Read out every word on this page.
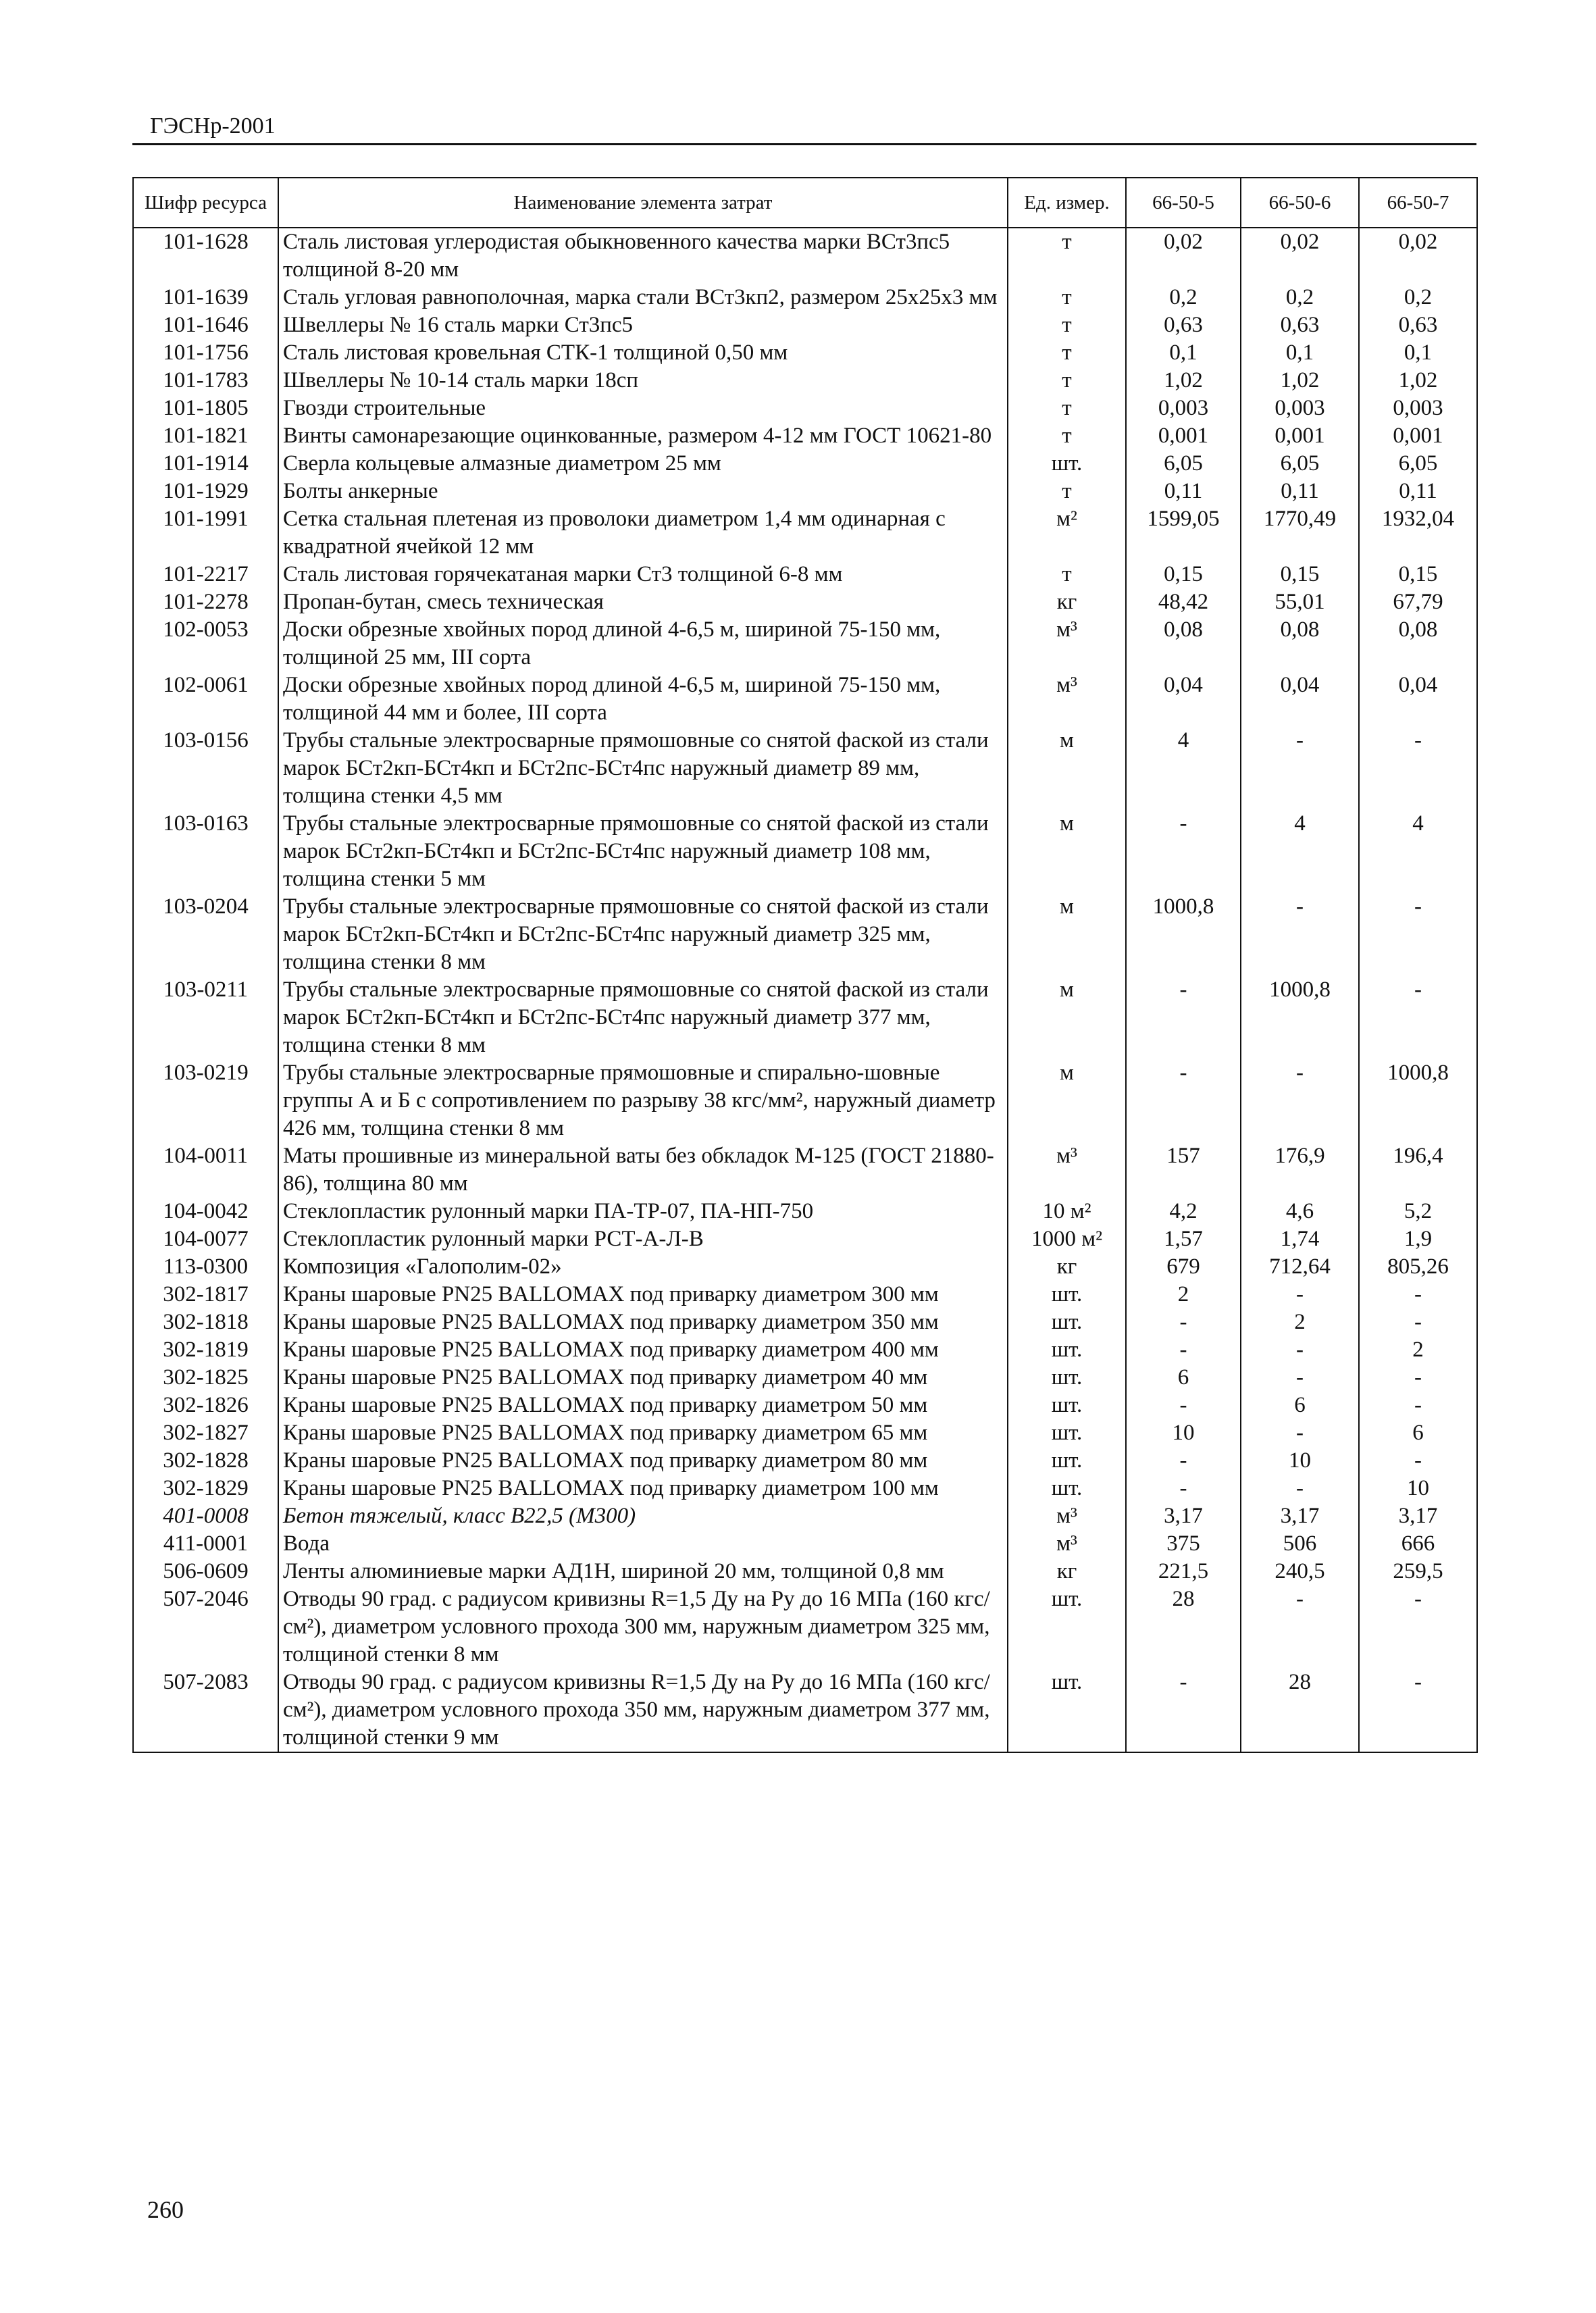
ГЭСНр-2001
Шифр ресурса	Наименование элемента затрат	Ед. измер.	66-50-5	66-50-6	66-50-7
101-1628	Сталь листовая углеродистая обыкновенного качества марки ВСт3пс5 толщиной 8-20 мм	т	0,02	0,02	0,02
101-1639	Сталь угловая равнополочная, марка стали ВСт3кп2, размером 25x25x3 мм	т	0,2	0,2	0,2
101-1646	Швеллеры № 16 сталь марки Ст3пс5	т	0,63	0,63	0,63
101-1756	Сталь листовая кровельная СТК-1 толщиной 0,50 мм	т	0,1	0,1	0,1
101-1783	Швеллеры № 10-14 сталь марки 18сп	т	1,02	1,02	1,02
101-1805	Гвозди строительные	т	0,003	0,003	0,003
101-1821	Винты самонарезающие оцинкованные, размером 4-12 мм ГОСТ 10621-80	т	0,001	0,001	0,001
101-1914	Сверла кольцевые алмазные диаметром 25 мм	шт.	6,05	6,05	6,05
101-1929	Болты анкерные	т	0,11	0,11	0,11
101-1991	Сетка стальная плетеная из проволоки диаметром 1,4 мм одинарная с квадратной ячейкой 12 мм	м²	1599,05	1770,49	1932,04
101-2217	Сталь листовая горячекатаная марки Ст3 толщиной 6-8 мм	т	0,15	0,15	0,15
101-2278	Пропан-бутан, смесь техническая	кг	48,42	55,01	67,79
102-0053	Доски обрезные хвойных пород длиной 4-6,5 м, шириной 75-150 мм, толщиной 25 мм, III сорта	м³	0,08	0,08	0,08
102-0061	Доски обрезные хвойных пород длиной 4-6,5 м, шириной 75-150 мм, толщиной 44 мм и более, III сорта	м³	0,04	0,04	0,04
103-0156	Трубы стальные электросварные прямошовные со снятой фаской из стали марок БСт2кп-БСт4кп и БСт2пс-БСт4пс наружный диаметр 89 мм, толщина стенки 4,5 мм	м	4	-	-
103-0163	Трубы стальные электросварные прямошовные со снятой фаской из стали марок БСт2кп-БСт4кп и БСт2пс-БСт4пс наружный диаметр 108 мм, толщина стенки 5 мм	м	-	4	4
103-0204	Трубы стальные электросварные прямошовные со снятой фаской из стали марок БСт2кп-БСт4кп и БСт2пс-БСт4пс наружный диаметр 325 мм, толщина стенки 8 мм	м	1000,8	-	-
103-0211	Трубы стальные электросварные прямошовные со снятой фаской из стали марок БСт2кп-БСт4кп и БСт2пс-БСт4пс наружный диаметр 377 мм, толщина стенки 8 мм	м	-	1000,8	-
103-0219	Трубы стальные электросварные прямошовные и спирально-шовные группы А и Б с сопротивлением по разрыву 38 кгс/мм², наружный диаметр 426 мм, толщина стенки 8 мм	м	-	-	1000,8
104-0011	Маты прошивные из минеральной ваты без обкладок М-125 (ГОСТ 21880-86), толщина 80 мм	м³	157	176,9	196,4
104-0042	Стеклопластик рулонный марки ПА-ТР-07, ПА-НП-750	10 м²	4,2	4,6	5,2
104-0077	Стеклопластик рулонный марки РСТ-А-Л-В	1000 м²	1,57	1,74	1,9
113-0300	Композиция «Галополим-02»	кг	679	712,64	805,26
302-1817	Краны шаровые PN25 BALLOMAX под приварку диаметром 300 мм	шт.	2	-	-
302-1818	Краны шаровые PN25 BALLOMAX под приварку диаметром 350 мм	шт.	-	2	-
302-1819	Краны шаровые PN25 BALLOMAX под приварку диаметром 400 мм	шт.	-	-	2
302-1825	Краны шаровые PN25 BALLOMAX под приварку диаметром 40 мм	шт.	6	-	-
302-1826	Краны шаровые PN25 BALLOMAX под приварку диаметром 50 мм	шт.	-	6	-
302-1827	Краны шаровые PN25 BALLOMAX под приварку диаметром 65 мм	шт.	10	-	6
302-1828	Краны шаровые PN25 BALLOMAX под приварку диаметром 80 мм	шт.	-	10	-
302-1829	Краны шаровые PN25 BALLOMAX под приварку диаметром 100 мм	шт.	-	-	10
401-0008	Бетон тяжелый, класс В22,5 (М300)	м³	3,17	3,17	3,17
411-0001	Вода	м³	375	506	666
506-0609	Ленты алюминиевые марки АД1Н, шириной 20 мм, толщиной 0,8 мм	кг	221,5	240,5	259,5
507-2046	Отводы 90 град. с радиусом кривизны R=1,5 Ду на Ру до 16 МПа (160 кгс/см²), диаметром условного прохода 300 мм, наружным диаметром 325 мм, толщиной стенки 8 мм	шт.	28	-	-
507-2083	Отводы 90 град. с радиусом кривизны R=1,5 Ду на Ру до 16 МПа (160 кгс/см²), диаметром условного прохода 350 мм, наружным диаметром 377 мм, толщиной стенки 9 мм	шт.	-	28	-
260
